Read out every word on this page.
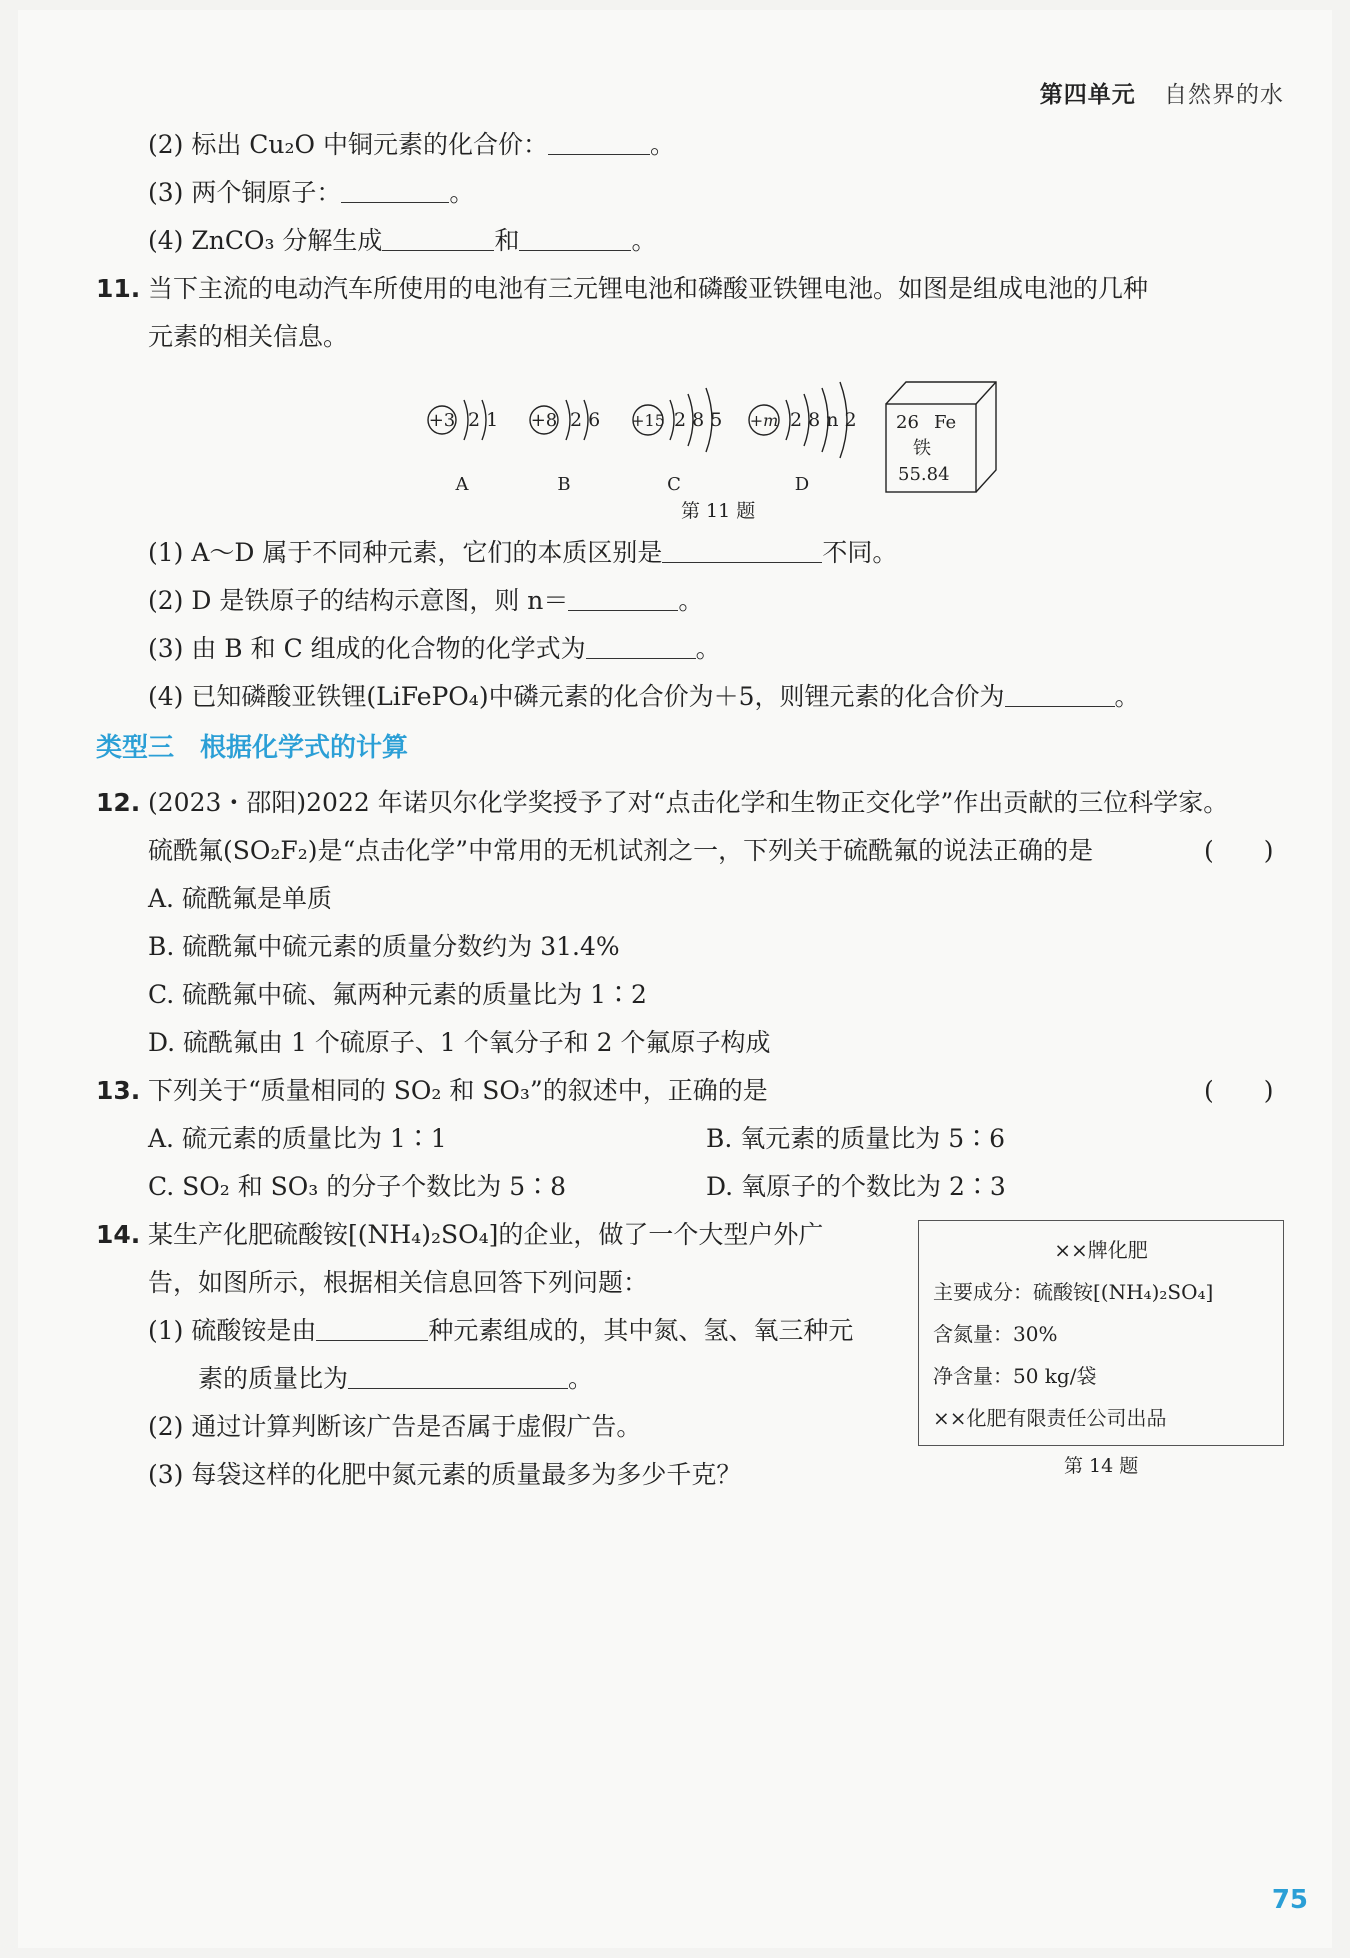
第四单元 自然界的水
(2) 标出 Cu₂O 中铜元素的化合价：	。
(3) 两个铜原子：	。
(4) ZnCO₃ 分解生成	和	。
11. 当下主流的电动汽车所使用的电池有三元锂电池和磷酸亚铁锂电池。如图是组成电池的几种
元素的相关信息。
+3 2 1
A
+8 2 6
B
+15 2 8 5
C
+m 2 8 n 2
D
26 Fe
铁
55.84
第 11 题
(1) A～D 属于不同种元素，它们的本质区别是	不同。
(2) D 是铁原子的结构示意图，则 n＝	。
(3) 由 B 和 C 组成的化合物的化学式为	。
(4) 已知磷酸亚铁锂(LiFePO₄)中磷元素的化合价为＋5，则锂元素的化合价为	。
类型三　根据化学式的计算
12. (2023・邵阳)2022 年诺贝尔化学奖授予了对“点击化学和生物正交化学”作出贡献的三位科学家。
硫酰氟(SO₂F₂)是“点击化学”中常用的无机试剂之一，下列关于硫酰氟的说法正确的是	(　　)
A. 硫酰氟是单质
B. 硫酰氟中硫元素的质量分数约为 31.4%
C. 硫酰氟中硫、氟两种元素的质量比为 1∶2
D. 硫酰氟由 1 个硫原子、1 个氧分子和 2 个氟原子构成
13. 下列关于“质量相同的 SO₂ 和 SO₃”的叙述中，正确的是	(　　)
A. 硫元素的质量比为 1∶1	B. 氧元素的质量比为 5∶6
C. SO₂ 和 SO₃ 的分子个数比为 5∶8	D. 氧原子的个数比为 2∶3
14. 某生产化肥硫酸铵[(NH₄)₂SO₄]的企业，做了一个大型户外广
告，如图所示，根据相关信息回答下列问题：
(1) 硫酸铵是由	种元素组成的，其中氮、氢、氧三种元
素的质量比为	。
(2) 通过计算判断该广告是否属于虚假广告。
(3) 每袋这样的化肥中氮元素的质量最多为多少千克？
××牌化肥
主要成分：硫酸铵[(NH₄)₂SO₄]
含氮量：30%
净含量：50 kg/袋
××化肥有限责任公司出品
第 14 题
75
